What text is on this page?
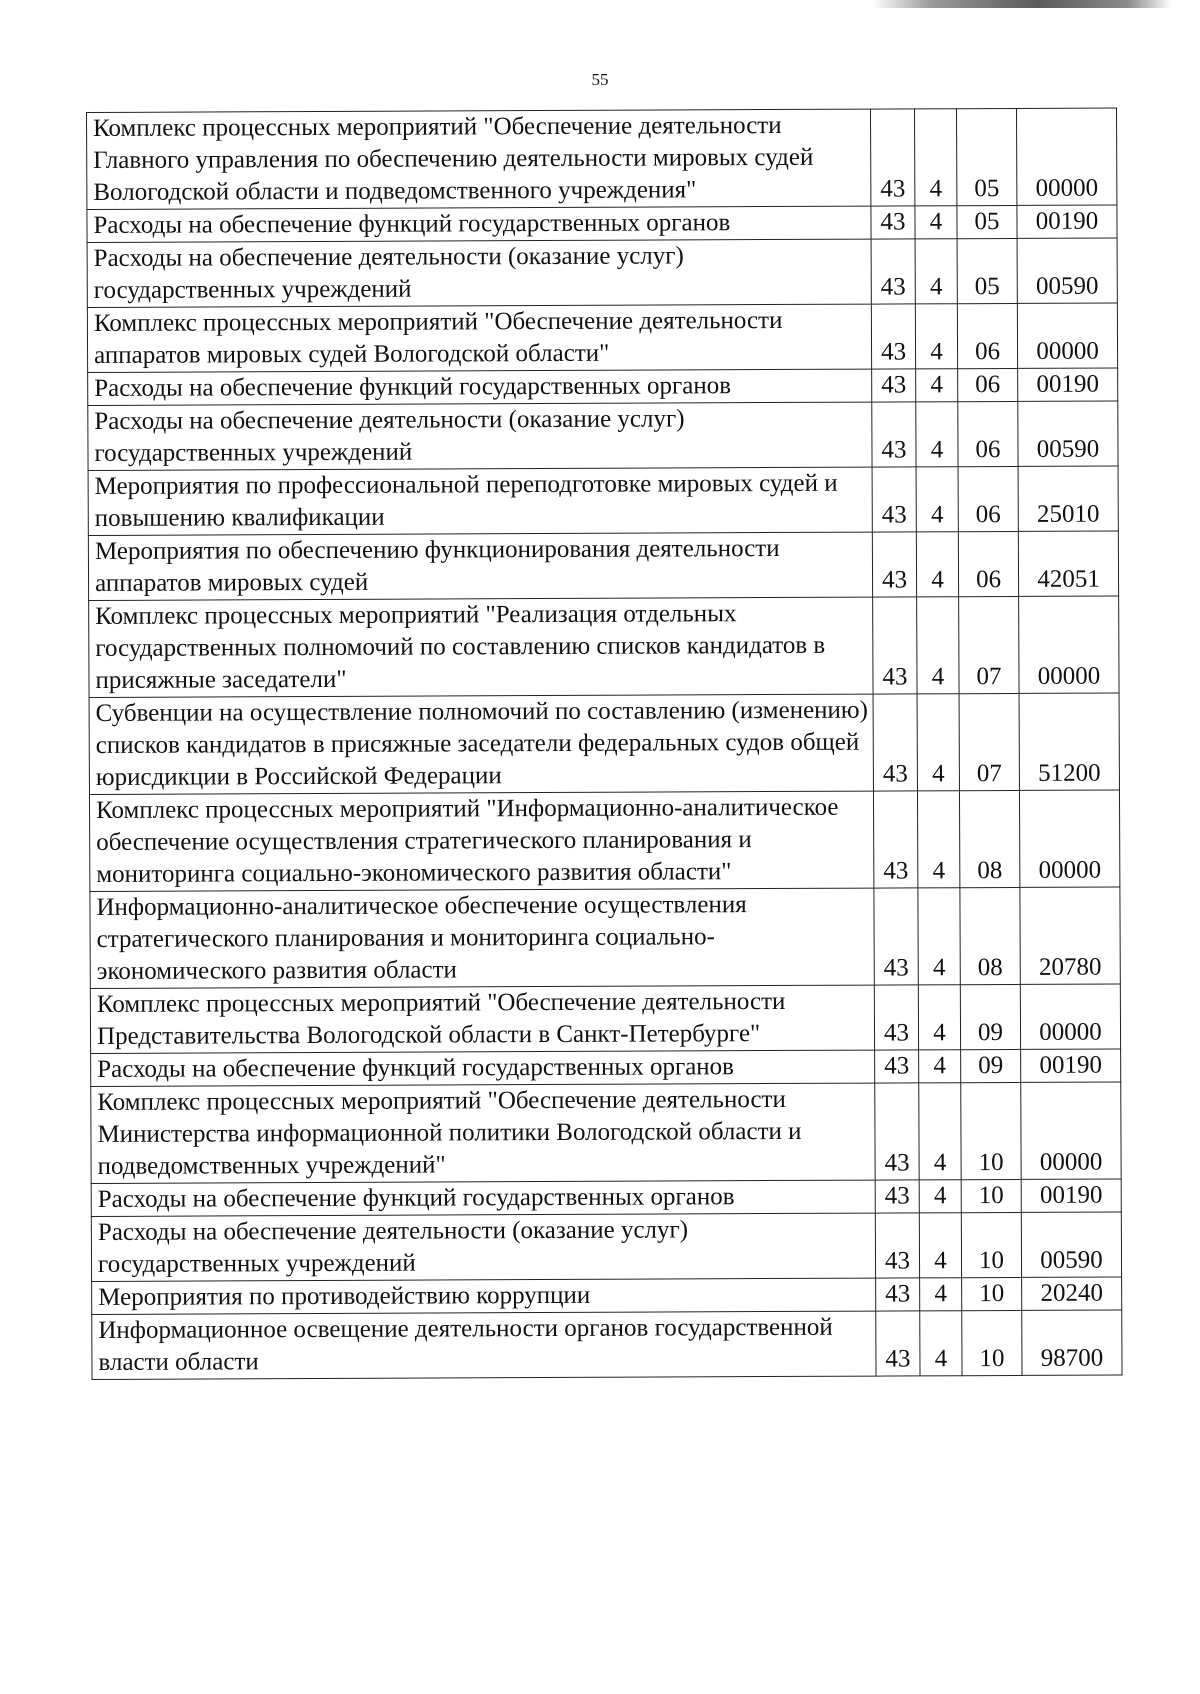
55
Комплекс процессных мероприятий "Обеспечение деятельности Главного управления по обеспечению деятельности мировых судей Вологодской области и подведомственного учреждения"	43	4	05	00000
Расходы на обеспечение функций государственных органов	43	4	05	00190
Расходы на обеспечение деятельности (оказание услуг) государственных учреждений	43	4	05	00590
Комплекс процессных мероприятий "Обеспечение деятельности аппаратов мировых судей Вологодской области"	43	4	06	00000
Расходы на обеспечение функций государственных органов	43	4	06	00190
Расходы на обеспечение деятельности (оказание услуг) государственных учреждений	43	4	06	00590
Мероприятия по профессиональной переподготовке мировых судей и повышению квалификации	43	4	06	25010
Мероприятия по обеспечению функционирования деятельности аппаратов мировых судей	43	4	06	42051
Комплекс процессных мероприятий "Реализация отдельных государственных полномочий по составлению списков кандидатов в присяжные заседатели"	43	4	07	00000
Субвенции на осуществление полномочий по составлению (изменению) списков кандидатов в присяжные заседатели федеральных судов общей юрисдикции в Российской Федерации	43	4	07	51200
Комплекс процессных мероприятий "Информационно-аналитическое обеспечение осуществления стратегического планирования и мониторинга социально-экономического развития области"	43	4	08	00000
Информационно-аналитическое обеспечение осуществления стратегического планирования и мониторинга социально-экономического развития области	43	4	08	20780
Комплекс процессных мероприятий "Обеспечение деятельности Представительства Вологодской области в Санкт-Петербурге"	43	4	09	00000
Расходы на обеспечение функций государственных органов	43	4	09	00190
Комплекс процессных мероприятий "Обеспечение деятельности Министерства информационной политики Вологодской области и подведомственных учреждений"	43	4	10	00000
Расходы на обеспечение функций государственных органов	43	4	10	00190
Расходы на обеспечение деятельности (оказание услуг) государственных учреждений	43	4	10	00590
Мероприятия по противодействию коррупции	43	4	10	20240
Информационное освещение деятельности органов государственной власти области	43	4	10	98700
